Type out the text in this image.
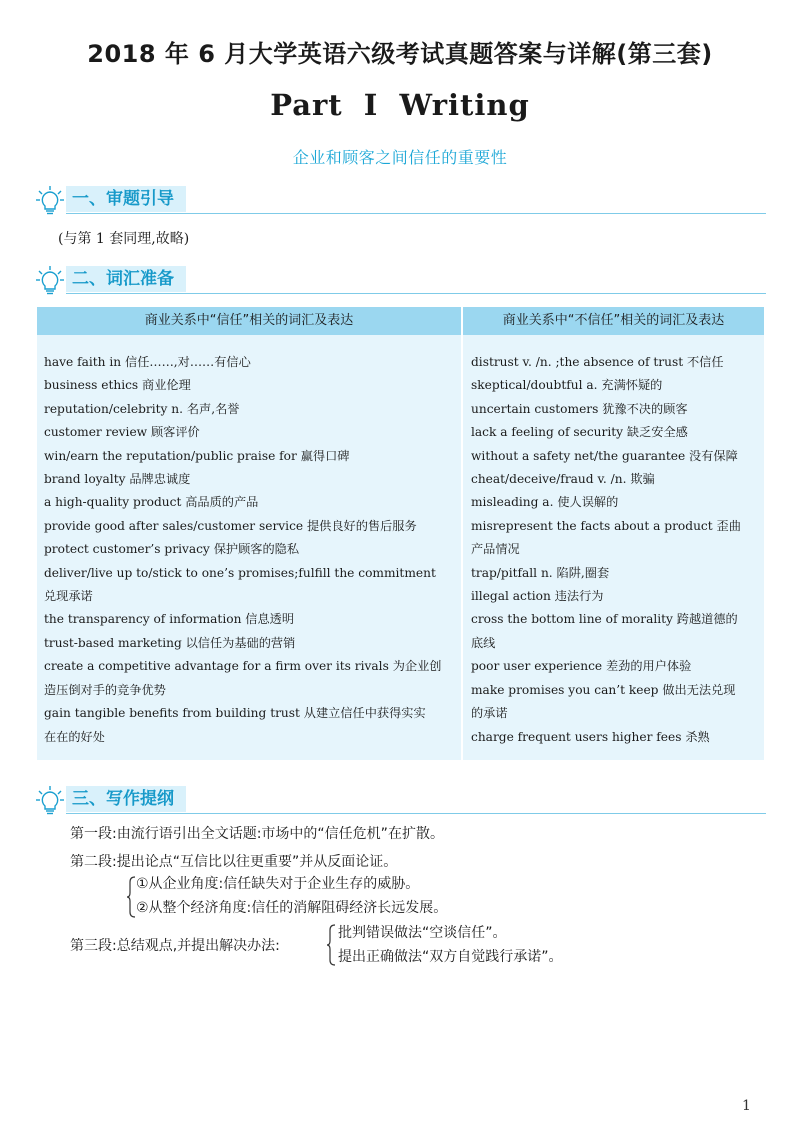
2018 年 6 月大学英语六级考试真题答案与详解(第三套)
Part I Writing
企业和顾客之间信任的重要性
一、审题引导
(与第 1 套同理,故略)
二、词汇准备
商业关系中“信任”相关的词汇及表达	商业关系中“不信任”相关的词汇及表达
have faith in 信任……,对……有信心
business ethics 商业伦理
reputation/celebrity n. 名声,名誉
customer review 顾客评价
win/earn the reputation/public praise for 赢得口碑
brand loyalty 品牌忠诚度
a high-quality product 高品质的产品
provide good after sales/customer service 提供良好的售后服务
protect customer’s privacy 保护顾客的隐私
deliver/live up to/stick to one’s promises;fulfill the commitment
兑现承诺
the transparency of information 信息透明
trust-based marketing 以信任为基础的营销
create a competitive advantage for a firm over its rivals 为企业创
造压倒对手的竞争优势
gain tangible benefits from building trust 从建立信任中获得实实
在在的好处
distrust v. /n. ;the absence of trust 不信任
skeptical/doubtful a. 充满怀疑的
uncertain customers 犹豫不决的顾客
lack a feeling of security 缺乏安全感
without a safety net/the guarantee 没有保障
cheat/deceive/fraud v. /n. 欺骗
misleading a. 使人误解的
misrepresent the facts about a product 歪曲
产品情况
trap/pitfall n. 陷阱,圈套
illegal action 违法行为
cross the bottom line of morality 跨越道德的
底线
poor user experience 差劲的用户体验
make promises you can’t keep 做出无法兑现
的承诺
charge frequent users higher fees 杀熟
三、写作提纲
第一段:由流行语引出全文话题:市场中的“信任危机”在扩散。
第二段:提出论点“互信比以往更重要”并从反面论证。
①从企业角度:信任缺失对于企业生存的威胁。
②从整个经济角度:信任的消解阻碍经济长远发展。
第三段:总结观点,并提出解决办法:
批判错误做法“空谈信任”。
提出正确做法“双方自觉践行承诺”。
1
